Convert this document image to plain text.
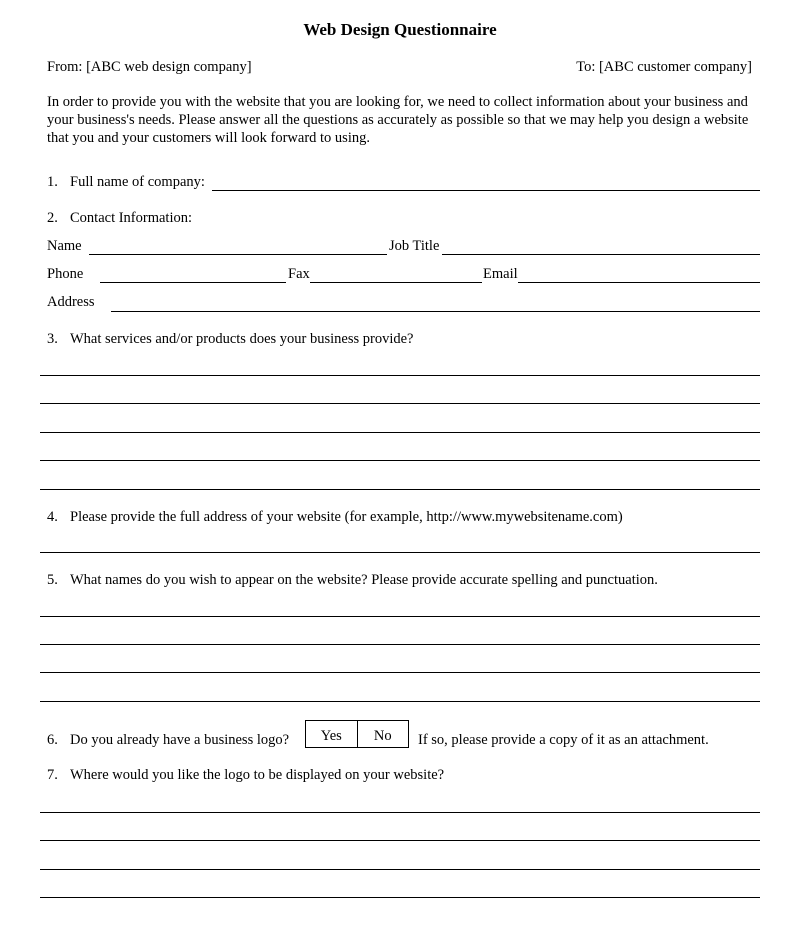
Web Design Questionnaire
From: [ABC web design company]	To: [ABC customer company]
In order to provide you with the website that you are looking for, we need to collect information about your business and
your business's needs. Please answer all the questions as accurately as possible so that we may help you design a website
that you and your customers will look forward to using.
1. Full name of company:
2. Contact Information:
Name	Job Title
Phone	Fax	Email
Address
3. What services and/or products does your business provide?
4. Please provide the full address of your website (for example, http://www.mywebsitename.com)
5. What names do you wish to appear on the website? Please provide accurate spelling and punctuation.
6. Do you already have a business logo?	Yes	No	If so, please provide a copy of it as an attachment.
7. Where would you like the logo to be displayed on your website?
